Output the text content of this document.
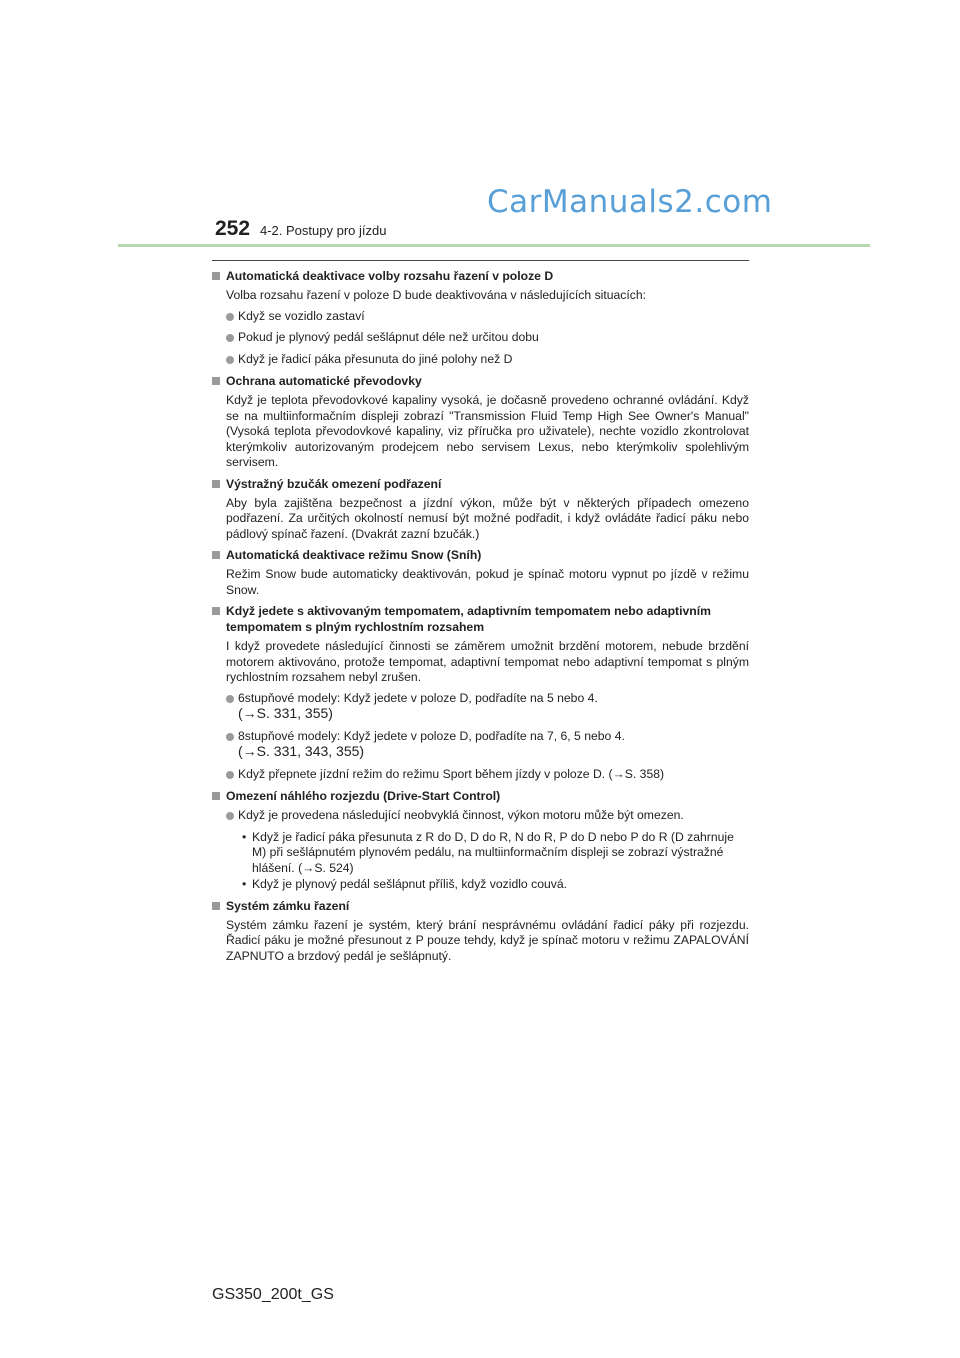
CarManuals2.com
252 4-2. Postupy pro jízdu
Automatická deaktivace volby rozsahu řazení v poloze D
Volba rozsahu řazení v poloze D bude deaktivována v následujících situacích:
Když se vozidlo zastaví
Pokud je plynový pedál sešlápnut déle než určitou dobu
Když je řadicí páka přesunuta do jiné polohy než D
Ochrana automatické převodovky
Když je teplota převodovkové kapaliny vysoká, je dočasně provedeno ochranné ovládání. Když se na multiinformačním displeji zobrazí "Transmission Fluid Temp High See Owner's Manual" (Vysoká teplota převodovkové kapaliny, viz příručka pro uživatele), nechte vozidlo zkontrolovat kterýmkoliv autorizovaným prodejcem nebo servisem Lexus, nebo kterýmkoliv spolehlivým servisem.
Výstražný bzučák omezení podřazení
Aby byla zajištěna bezpečnost a jízdní výkon, může být v některých případech omezeno podřazení. Za určitých okolností nemusí být možné podřadit, i když ovládáte řadicí páku nebo pádlový spínač řazení. (Dvakrát zazní bzučák.)
Automatická deaktivace režimu Snow (Sníh)
Režim Snow bude automaticky deaktivován, pokud je spínač motoru vypnut po jízdě v režimu Snow.
Když jedete s aktivovaným tempomatem, adaptivním tempomatem nebo adaptivním tempomatem s plným rychlostním rozsahem
I když provedete následující činnosti se záměrem umožnit brzdění motorem, nebude brzdění motorem aktivováno, protože tempomat, adaptivní tempomat nebo adaptivní tempomat s plným rychlostním rozsahem nebyl zrušen.
6stupňové modely: Když jedete v poloze D, podřadíte na 5 nebo 4.
(→S. 331, 355)
8stupňové modely: Když jedete v poloze D, podřadíte na 7, 6, 5 nebo 4.
(→S. 331, 343, 355)
Když přepnete jízdní režim do režimu Sport během jízdy v poloze D. (→S. 358)
Omezení náhlého rozjezdu (Drive-Start Control)
Když je provedena následující neobvyklá činnost, výkon motoru může být omezen.
• Když je řadicí páka přesunuta z R do D, D do R, N do R, P do D nebo P do R (D zahrnuje M) při sešlápnutém plynovém pedálu, na multiinformačním displeji se zobrazí výstražné hlášení. (→S. 524)
• Když je plynový pedál sešlápnut příliš, když vozidlo couvá.
Systém zámku řazení
Systém zámku řazení je systém, který brání nesprávnému ovládání řadicí páky při rozjezdu. Řadicí páku je možné přesunout z P pouze tehdy, když je spínač motoru v režimu ZAPALOVÁNÍ ZAPNUTO a brzdový pedál je sešlápnutý.
GS350_200t_GS
